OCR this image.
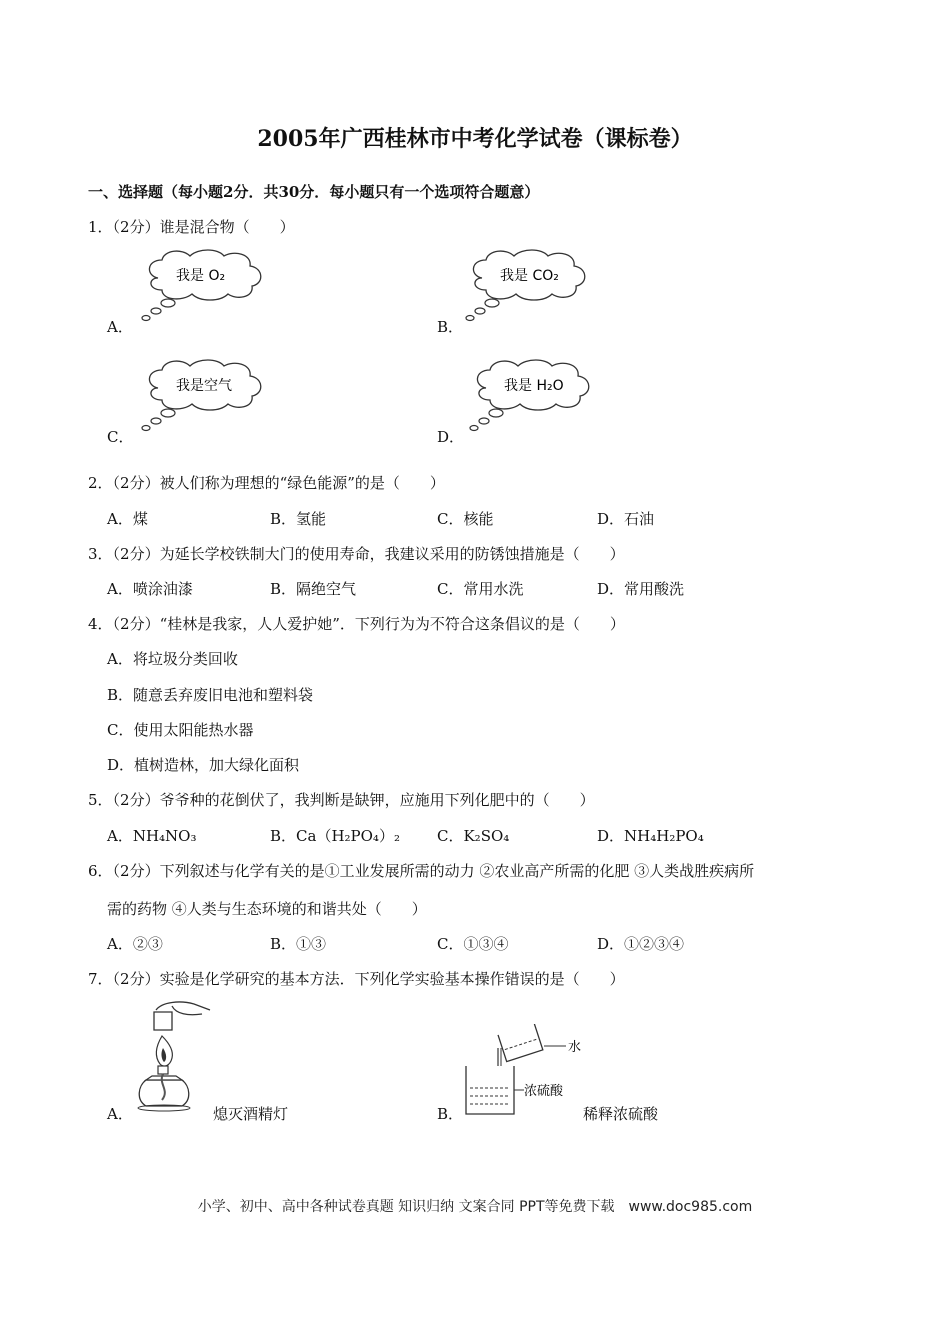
2005年广西桂林市中考化学试卷（课标卷）
一、选择题（每小题2分．共30分．每小题只有一个选项符合题意）
1．（2分）谁是混合物（　　）
我是 O₂
A．
我是 CO₂
B．
我是空气
C．
我是 H₂O
D．
2．（2分）被人们称为理想的“绿色能源”的是（　　）
A．煤	B．氢能	C．核能	D．石油
3．（2分）为延长学校铁制大门的使用寿命，我建议采用的防锈蚀措施是（　　）
A．喷涂油漆	B．隔绝空气	C．常用水洗	D．常用酸洗
4．（2分）“桂林是我家，人人爱护她”．下列行为为不符合这条倡议的是（　　）
A．将垃圾分类回收
B．随意丢弃废旧电池和塑料袋
C．使用太阳能热水器
D．植树造林，加大绿化面积
5．（2分）爷爷种的花倒伏了，我判断是缺钾，应施用下列化肥中的（　　）
A．NH₄NO₃	B．Ca（H₂PO₄）₂ C．K₂SO₄	D．NH₄H₂PO₄
6．（2分）下列叙述与化学有关的是①工业发展所需的动力 ②农业高产所需的化肥 ③人类战胜疾病所
需的药物 ④人类与生态环境的和谐共处（　　）
A．②③	B．①③	C．①③④	D．①②③④
7．（2分）实验是化学研究的基本方法．下列化学实验基本操作错误的是（　　）
A．	熄灭酒精灯
水
浓硫酸
B．	稀释浓硫酸
小学、初中、高中各种试卷真题 知识归纳 文案合同 PPT等免费下载　www.doc985.com
